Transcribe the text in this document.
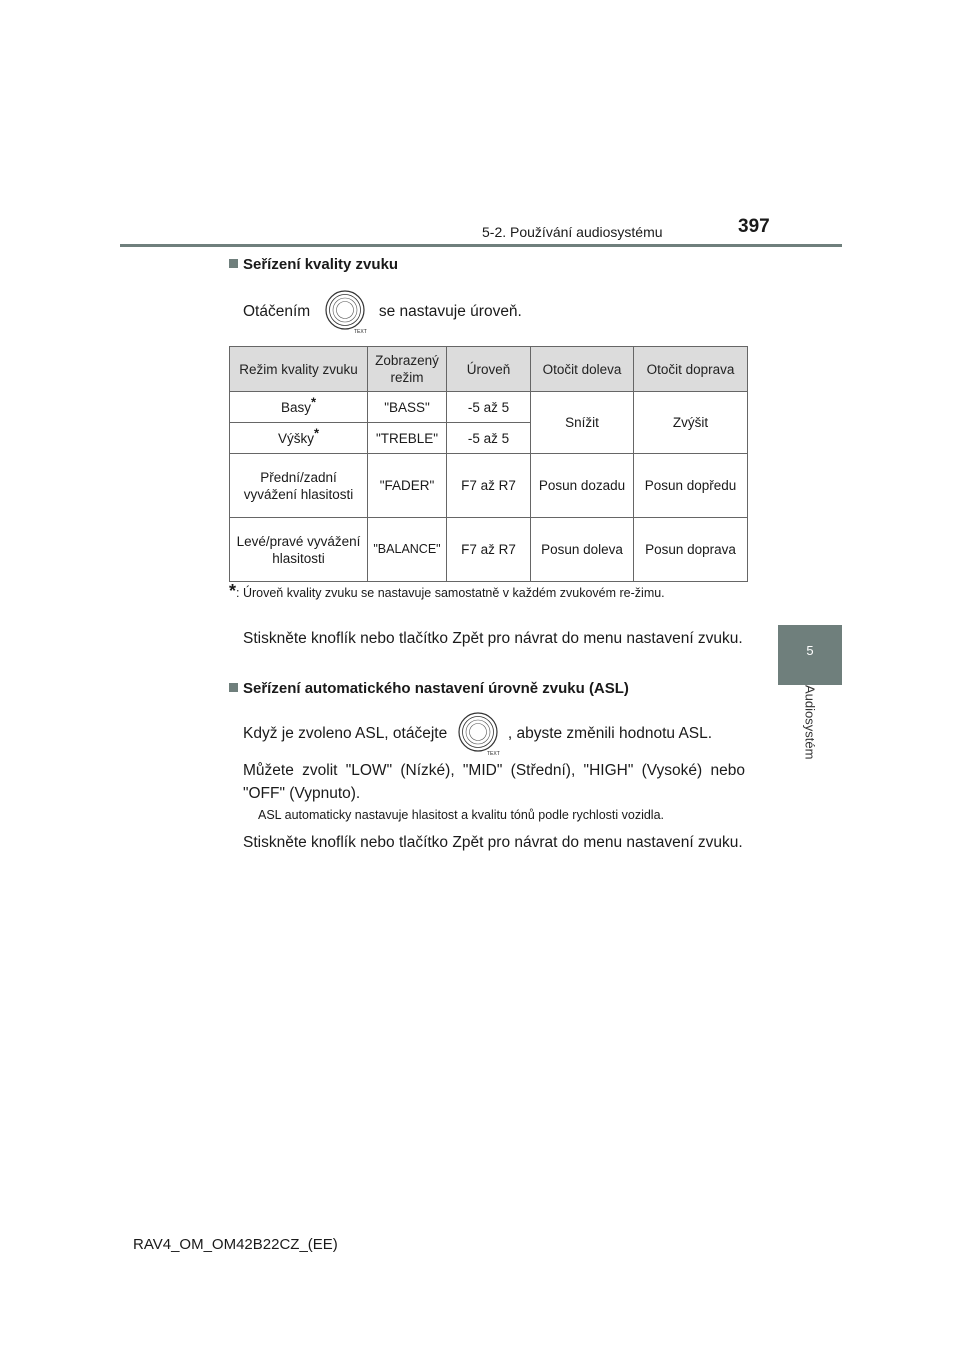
5-2. Používání audiosystému	397
5
Audiosystém
Seřízení kvality zvuku
Otáčením
TEXT
se nastavuje úroveň.
Režim kvality zvuku	Zobrazený režim	Úroveň	Otočit doleva	Otočit doprava
Basy*	"BASS"	-5 až 5	Snížit	Zvýšit
Výšky*	"TREBLE"	-5 až 5		
Přední/zadní vyvážení hlasitosti	"FADER"	F7 až R7	Posun dozadu	Posun dopředu
Levé/pravé vyvážení hlasitosti	"BALANCE"	F7 až R7	Posun doleva	Posun doprava
*: Úroveň kvality zvuku se nastavuje samostatně v každém zvukovém re-žimu.
Stiskněte knoflík nebo tlačítko Zpět pro návrat do menu nastavení zvuku.
Seřízení automatického nastavení úrovně zvuku (ASL)
Když je zvoleno ASL, otáčejte
TEXT
, abyste změnili hodnotu ASL.
Můžete zvolit "LOW" (Nízké), "MID" (Střední), "HIGH" (Vysoké) nebo "OFF" (Vypnuto).
ASL automaticky nastavuje hlasitost a kvalitu tónů podle rychlosti vozidla.
Stiskněte knoflík nebo tlačítko Zpět pro návrat do menu nastavení zvuku.
RAV4_OM_OM42B22CZ_(EE)
